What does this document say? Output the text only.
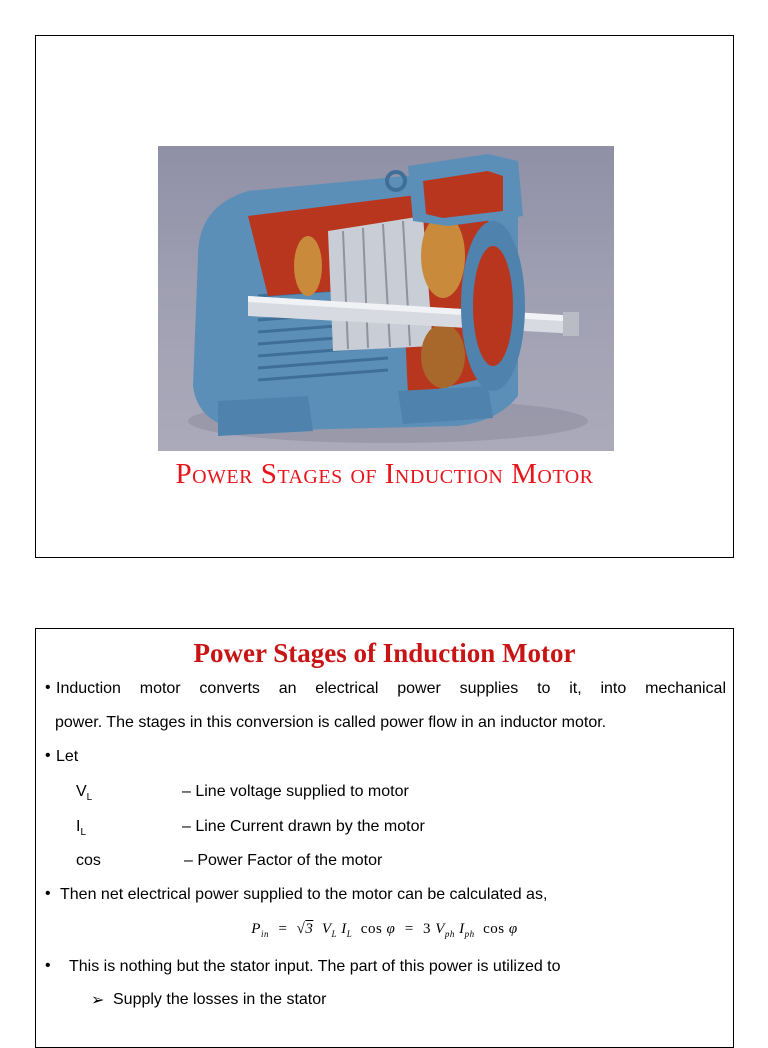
Power Stages of Induction Motor
Power Stages of Induction Motor
• Induction motor converts an electrical power supplies to it, into mechanical
power. The stages in this conversion is called power flow in an inductor motor.
• Let
$V_L$	– Line voltage supplied to motor
$I_L$	– Line Current drawn by the motor
cos	– Power Factor of the motor
• Then net electrical power supplied to the motor can be calculated as,
$P_{in} = √3$  $V_L$ $I_L$ cos φ  =  3 $V_{ph}$ $I_{ph}$ cos φ
• This is nothing but the stator input. The part of this power is utilized to
➢ Supply the losses in the stator
